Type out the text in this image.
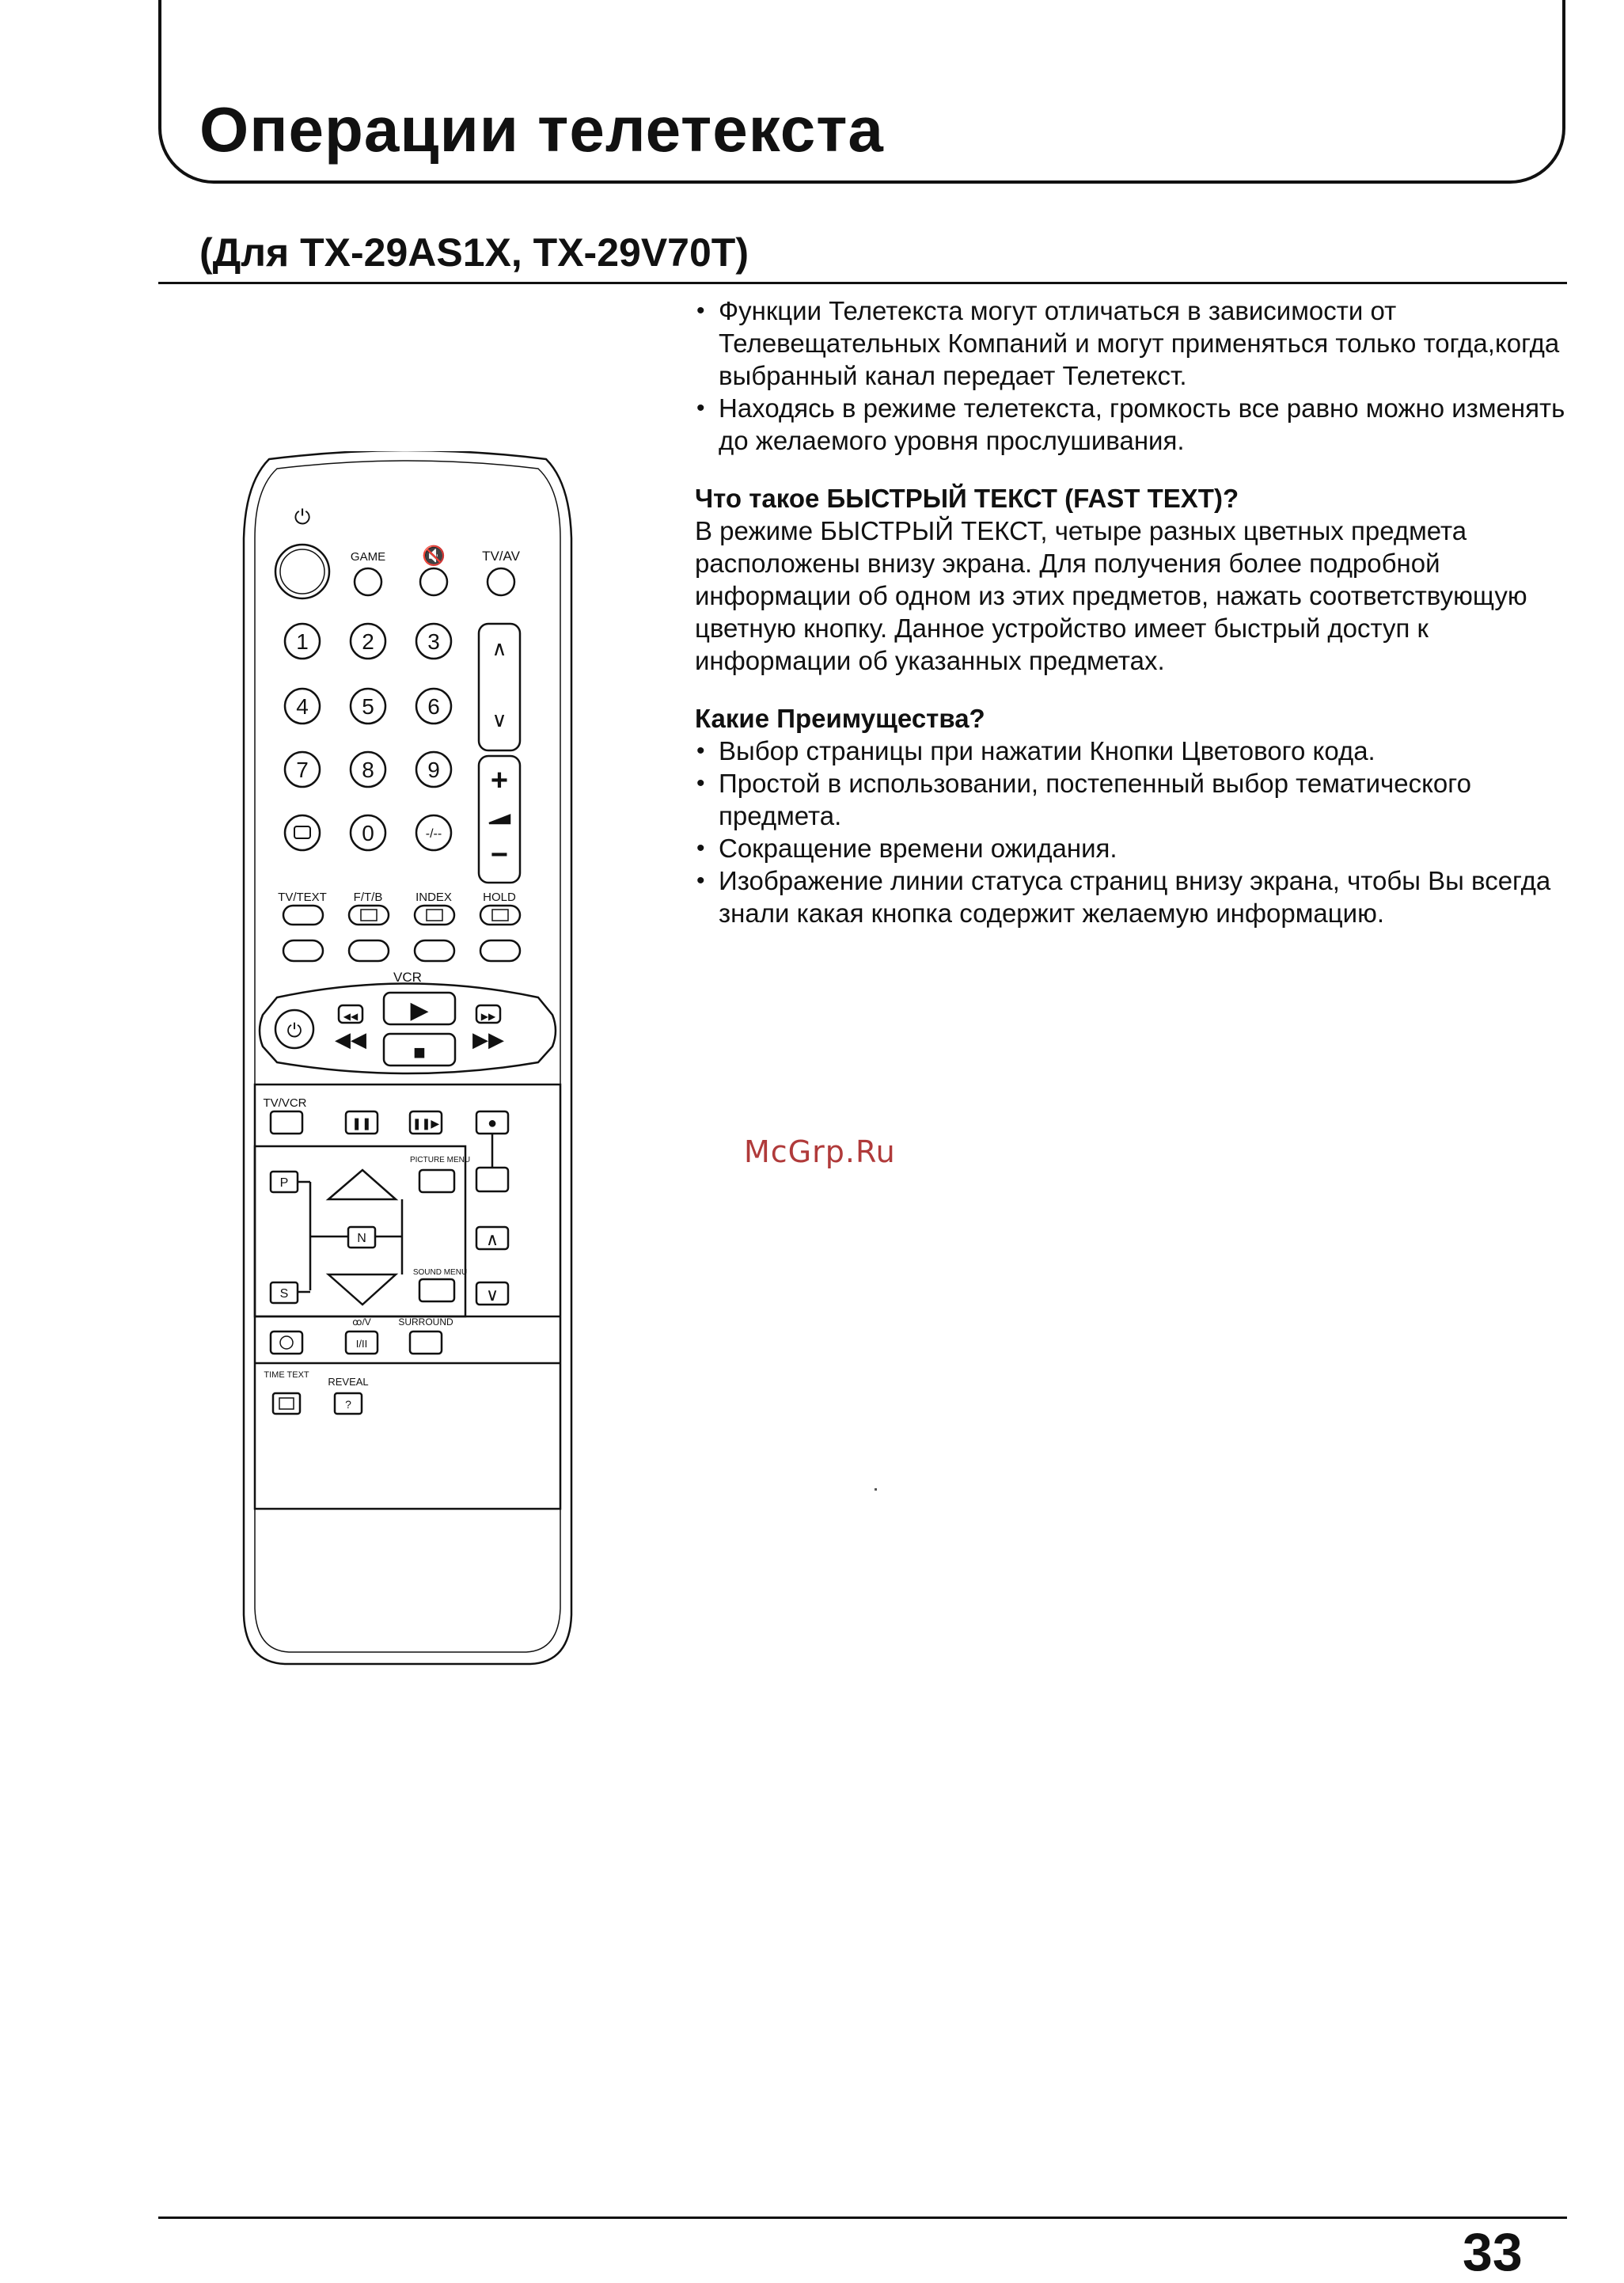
Операции телетекста
(Для TX-29AS1X, TX-29V70T)
• Функции Телетекста могут отличаться в зависимости от Телевещательных Компаний и могут применяться только тогда,когда выбранный канал передает Телетекст.
• Находясь в режиме телетекста, громкость все равно можно изменять до желаемого уровня прослушивания.

Что такое БЫСТРЫЙ ТЕКСТ (FAST TEXT)?

В режиме БЫСТРЫЙ ТЕКСТ, четыре разных цветных предмета расположены внизу экрана. Для получения более подробной информации об одном из этих предметов, нажать соответствующую цветную кнопку. Данное устройство имеет быстрый доступ к информации об указанных предметах.

Какие Преимущества?

• Выбор страницы при нажатии Кнопки Цветового кода.
• Простой в использовании, постепенный выбор тематического предмета.
• Сокращение времени ожидания.
• Изображение линии статуса страниц внизу экрана, чтобы Вы всегда знали какая кнопка содержит желаемую информацию.
McGrp.Ru
⏻
GAME 🔇	TV/AV
1 2 3
4 5 6
7 8 9
0	-/--
∧
∨
+
−
TV/TEXT F/T/B	INDEX	HOLD
VCR
⏻
◀◀
◀◀
▶
■
▶▶
▶▶
TV/VCR
❚❚	❚❚▶	●
P
PICTURE MENU
N
S
SOUND MENU
∧
∨
ꝏ/V
I/II
SURROUND
TIME TEXT
REVEAL
?
33
